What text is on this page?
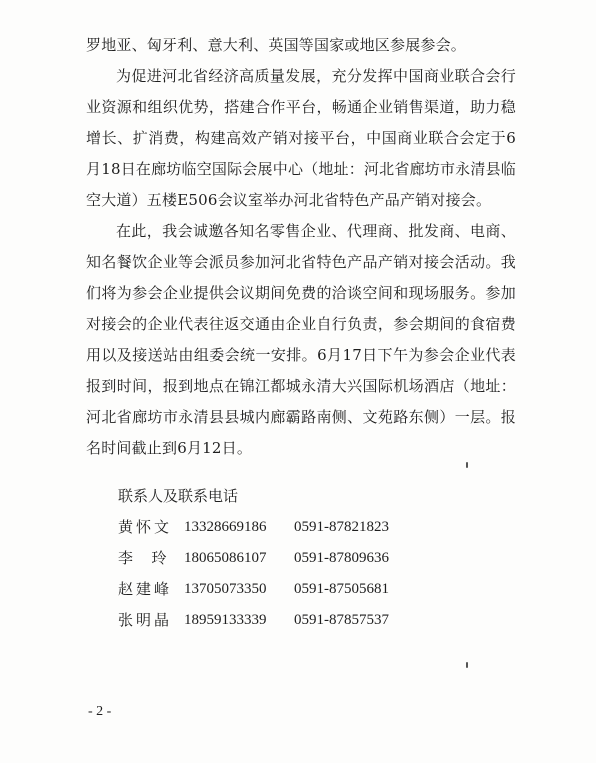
罗地亚、匈牙利、意大利、英国等国家或地区参展参会。

为促进河北省经济高质量发展，充分发挥中国商业联合会行业资源和组织优势，搭建合作平台，畅通企业销售渠道，助力稳增长、扩消费，构建高效产销对接平台，中国商业联合会定于6月18日在廊坊临空国际会展中心（地址：河北省廊坊市永清县临空大道）五楼E506会议室举办河北省特色产品产销对接会。

在此，我会诚邀各知名零售企业、代理商、批发商、电商、知名餐饮企业等会派员参加河北省特色产品产销对接会活动。我们将为参会企业提供会议期间免费的洽谈空间和现场服务。参加对接会的企业代表往返交通由企业自行负责，参会期间的食宿费用以及接送站由组委会统一安排。6月17日下午为参会企业代表报到时间，报到地点在锦江都城永清大兴国际机场酒店（地址：河北省廊坊市永清县县城内廊霸路南侧、文苑路东侧）一层。报名时间截止到6月12日。

联系人及联系电话
黄怀文 13328669186	0591-87821823
李  玲 18065086107	0591-87809636
赵建峰 13705073350	0591-87505681
张明晶 18959133339	0591-87857537
- 2 -
